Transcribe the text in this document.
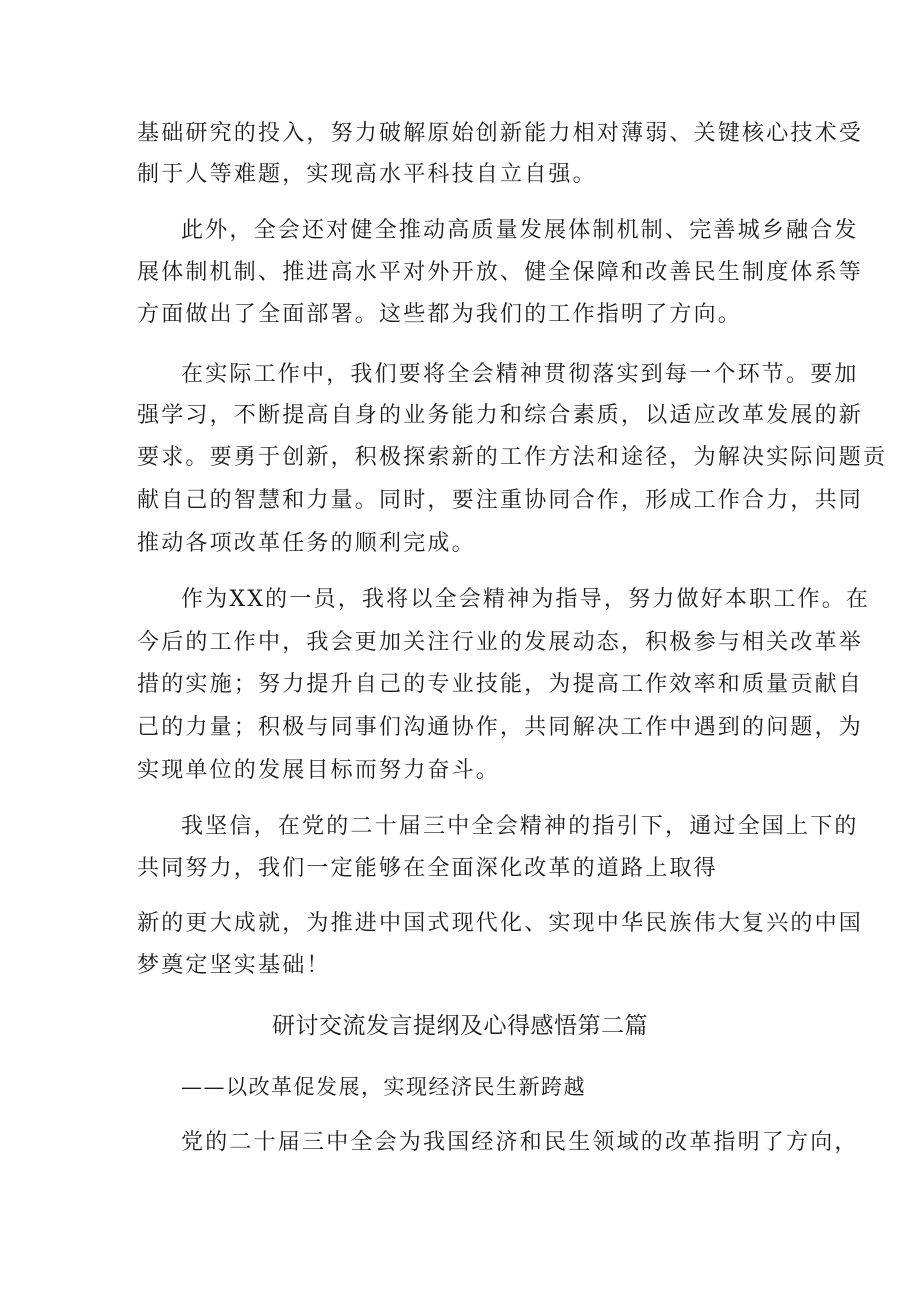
基础研究的投入，努力破解原始创新能力相对薄弱、关键核心技术受
制于人等难题，实现高水平科技自立自强。
此外，全会还对健全推动高质量发展体制机制、完善城乡融合发
展体制机制、推进高水平对外开放、健全保障和改善民生制度体系等
方面做出了全面部署。这些都为我们的工作指明了方向。
在实际工作中，我们要将全会精神贯彻落实到每一个环节。要加
强学习，不断提高自身的业务能力和综合素质，以适应改革发展的新
要求。要勇于创新，积极探索新的工作方法和途径，为解决实际问题贡
献自己的智慧和力量。同时，要注重协同合作，形成工作合力，共同
推动各项改革任务的顺利完成。
作为XX的一员，我将以全会精神为指导，努力做好本职工作。在
今后的工作中，我会更加关注行业的发展动态，积极参与相关改革举
措的实施；努力提升自己的专业技能，为提高工作效率和质量贡献自
己的力量；积极与同事们沟通协作，共同解决工作中遇到的问题，为
实现单位的发展目标而努力奋斗。
我坚信，在党的二十届三中全会精神的指引下，通过全国上下的
共同努力，我们一定能够在全面深化改革的道路上取得
新的更大成就，为推进中国式现代化、实现中华民族伟大复兴的中国
梦奠定坚实基础！
研讨交流发言提纲及心得感悟第二篇
——以改革促发展，实现经济民生新跨越
党的二十届三中全会为我国经济和民生领域的改革指明了方向，
